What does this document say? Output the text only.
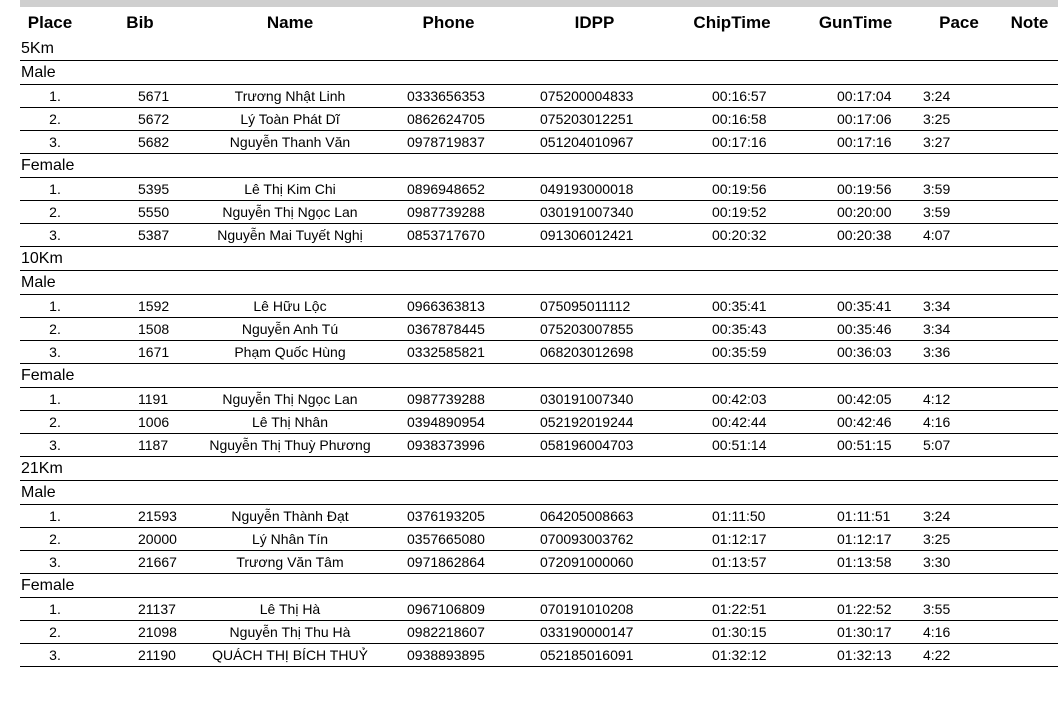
Place	Bib	Name	Phone	IDPP	ChipTime	GunTime	Pace	Note
5Km								
Male								
1.	5671	Trương Nhật Linh	0333656353	075200004833	00:16:57	00:17:04	3:24	
2.	5672	Lý Toàn Phát Dĩ	0862624705	075203012251	00:16:58	00:17:06	3:25	
3.	5682	Nguyễn Thanh Văn	0978719837	051204010967	00:17:16	00:17:16	3:27	
Female								
1.	5395	Lê Thị Kim Chi	0896948652	049193000018	00:19:56	00:19:56	3:59	
2.	5550	Nguyễn Thị Ngọc Lan	0987739288	030191007340	00:19:52	00:20:00	3:59	
3.	5387	Nguyễn Mai Tuyết Nghị	0853717670	091306012421	00:20:32	00:20:38	4:07	
10Km								
Male								
1.	1592	Lê Hữu Lộc	0966363813	075095011112	00:35:41	00:35:41	3:34	
2.	1508	Nguyễn Anh Tú	0367878445	075203007855	00:35:43	00:35:46	3:34	
3.	1671	Phạm Quốc Hùng	0332585821	068203012698	00:35:59	00:36:03	3:36	
Female								
1.	1191	Nguyễn Thị Ngọc Lan	0987739288	030191007340	00:42:03	00:42:05	4:12	
2.	1006	Lê Thị Nhân	0394890954	052192019244	00:42:44	00:42:46	4:16	
3.	1187	Nguyễn Thị Thuỳ Phương	0938373996	058196004703	00:51:14	00:51:15	5:07	
21Km								
Male								
1.	21593	Nguyễn Thành Đạt	0376193205	064205008663	01:11:50	01:11:51	3:24	
2.	20000	Lý Nhân Tín	0357665080	070093003762	01:12:17	01:12:17	3:25	
3.	21667	Trương Văn Tâm	0971862864	072091000060	01:13:57	01:13:58	3:30	
Female								
1.	21137	Lê Thị Hà	0967106809	070191010208	01:22:51	01:22:52	3:55	
2.	21098	Nguyễn Thị Thu Hà	0982218607	033190000147	01:30:15	01:30:17	4:16	
3.	21190	QUÁCH THỊ BÍCH THUỶ	0938893895	052185016091	01:32:12	01:32:13	4:22	
